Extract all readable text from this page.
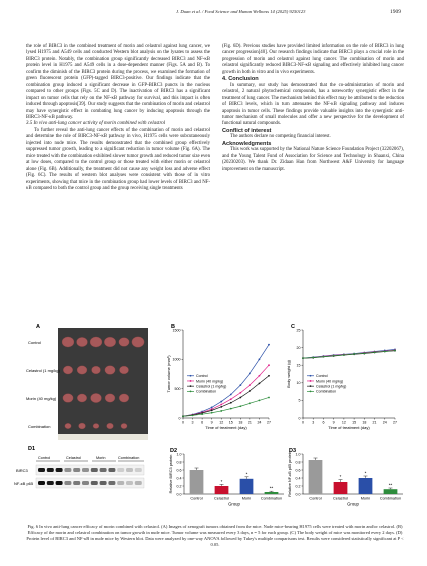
J. Duan et al. / Food Science and Human Wellness 14 (2025) 9250123	1909

the role of BIRC3 in the combined treatment of morin and celastrol against lung cancer, we lysed H1975 and A549 cells and conducted Western blot analysis on the lysates to assess the BIRC3 protein. Notably, the combination group significantly decreased BIRC3 and NF-κB protein level in H1975 and A549 cells in a dose-dependent manner (Figs. 5A and B). To confirm the diminish of the BIRC3 protein during the process, we examined the formation of green fluorescent protein (GFP)-tagged BIRC3-positive. Our findings indicate that the combination group induced a significant decrease in GFP-BIRC3 puncts in the nucleus compared to other groups (Figs. 5C and D). The inactivation of BIRC3 has a significant impact on tumor cells that rely on the NF-κB pathway for survival, and this impact is often induced through apoptosis[39]. Our study suggests that the combination of morin and celastrol may have synergistic effect in combating lung cancer by inducing apoptosis through the BIRC3-NF-κB pathway.

3.5 In vivo anti-lung cancer activity of morin combined with celastrol

To further reveal the anti-lung cancer effects of the combination of morin and celastrol and determine the role of BIRC3-NF-κB pathway in vivo, H1975 cells were subcutaneously injected into nude mice. The results demonstrated that the combined group effectively suppressed tumor growth, leading to a significant reduction in tumor volume (Fig. 6A). The mice treated with the combination exhibited slower tumor growth and reduced tumor size even at low doses, compared to the control group or those treated with either morin or celastrol alone (Fig. 6B). Additionally, the treatment did not cause any weight loss and adverse effect (Fig. 6C). The results of western blot analyses were consistent with those of in vitro experiments, showing that mice in the combination group had lower levels of BIRC3 and NF-κB compared to both the control group and the group receiving single treatments

(Fig. 6D). Previous studies have provided limited information on the role of BIRC3 in lung cancer progression[40]. Our research findings indicate that BIRC3 plays a crucial role in the progression of morin and celastrol against lung cancer. The combination of morin and celastrol significantly reduced BIRC3-NF-κB signaling and effectively inhibited lung cancer growth in both in vitro and in vivo experiments.

4. Conclusion

In summary, our study has demonstrated that the co-administration of morin and celastrol, 2 natural phytochemical compounds, has a noteworthy synergistic effect in the treatment of lung cancer. The mechanism behind this effect may be attributed to the reduction of BIRC3 levels, which in turn attenuates the NF-κB signaling pathway and induces apoptosis in tumor cells. These findings provide valuable insights into the synergistic anti-tumor mechanism of small molecules and offer a new perspective for the development of functional natural compounds.

Conflict of interest

The authors declare no competing financial interest.

Acknowledgments

This work was supported by the National Nature Science Foundation Project (32202067), and the Young Talent Fund of Association for Science and Technology in Shaanxi, China (20230203). We thank Dr. Zidaan Han from Northwest A&F University for language improvement on the manuscript.

A
Control
Celastrol (1 mg/kg)
Morin (40 mg/kg)
Combination
B
0
500
1000
1500
0 3 6 9 12 15 18 21 24 27
Time of treatment (day)
Tumor volume (mm³)	Control
Morin (40 mg/kg)
Celastrol (1 mg/kg)
Combination
C
0
5
10
15
20
25
0 3 6 9 12 15 18 21 24 27
Time of treatment (day)
Body weight (g)	Control
Morin (40 mg/kg)
Celastrol (1 mg/kg)
Combination
D1
Control	Celastrol	Morin	Combination
BIRC3
NF-κB p65
D2
0.0
0.2
0.4
0.6
0.8
1.0
Control
*
Celastrol
*
Morin
**
Combination
Group
Relative BIRC3 protein
D3
0.0
0.2
0.4
0.6
0.8
1.0
Control
*
Celastrol
*
Morin
**
Combination
Group
Relative NF-κB p65 protein
Fig. 6 In vivo anti-lung cancer efficacy of morin combined with celastrol. (A) Images of xenograft tumors obtained from the mice. Nude mice-bearing H1975 cells were treated with morin and/or celastrol. (B) Efficacy of the morin and celastrol combination on tumor growth in nude mice. Tumor volume was measured every 3 days, n = 5 for each group. (C) The body weight of mice was monitored every 2 days. (D) Protein level of BIRC3 and NF-κB in nude mice by Western blot. Data were analyzed by one-way ANOVA followed by Tukey's multiple comparisons test. Results were considered statistically significant at P < 0.05.
